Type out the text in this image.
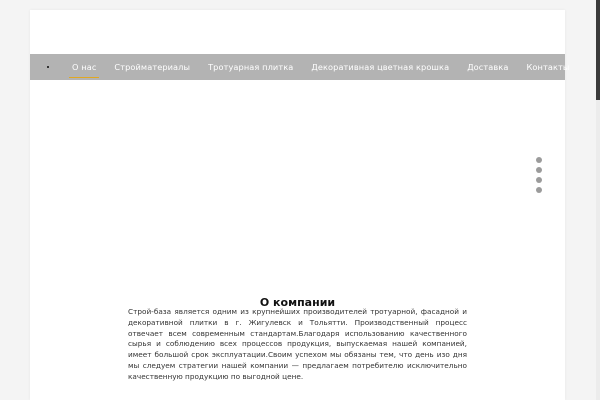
О нас Стройматериалы Тротуарная плитка Декоративная цветная крошка Доставка Контакты
О компании

Строй-база является одним из крупнейших производителей тротуарной, фасадной и декоративной плитки в г. Жигулевск и Тольятти. Производственный процесс отвечает всем современным стандартам.Благодаря использованию качественного сырья и соблюдению всех процессов продукция, выпускаемая нашей компанией, имеет большой срок эксплуатации.Своим успехом мы обязаны тем, что день изо дня мы следуем стратегии нашей компании — предлагаем потребителю исключительно качественную продукцию по выгодной цене.
